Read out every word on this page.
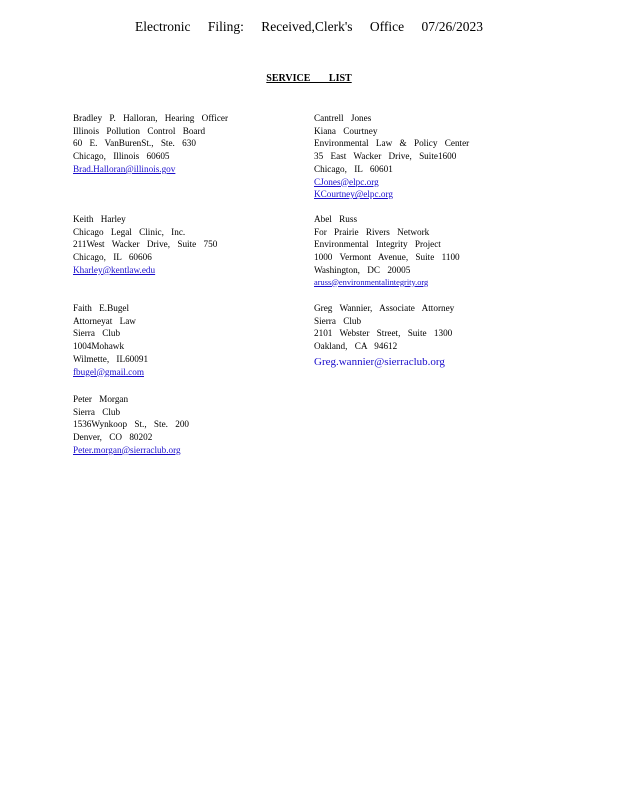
Electronic Filing: Received,Clerk's Office 07/26/2023
SERVICE LIST
Bradley P. Halloran, Hearing Officer
Illinois Pollution Control Board
60 E. VanBurenSt., Ste. 630
Chicago, Illinois 60605
Brad.Halloran@illinois.gov
Keith Harley
Chicago Legal Clinic, Inc.
211West Wacker Drive, Suite 750
Chicago, IL 60606
Kharley@kentlaw.edu
Faith E.Bugel
Attorneyat Law
Sierra Club
1004Mohawk
Wilmette, IL60091
fbugel@gmail.com
Peter Morgan
Sierra Club
1536Wynkoop St., Ste. 200
Denver, CO 80202
Peter.morgan@sierraclub.org
Cantrell Jones
Kiana Courtney
Environmental Law & Policy Center
35 East Wacker Drive, Suite1600
Chicago, IL 60601
CJones@elpc.org
KCourtney@elpc.org
Abel Russ
For Prairie Rivers Network
Environmental Integrity Project
1000 Vermont Avenue, Suite 1100
Washington, DC 20005
aruss@environmentalintegrity.org
Greg Wannier, Associate Attorney
Sierra Club
2101 Webster Street, Suite 1300
Oakland, CA 94612
Greg.wannier@sierraclub.org
